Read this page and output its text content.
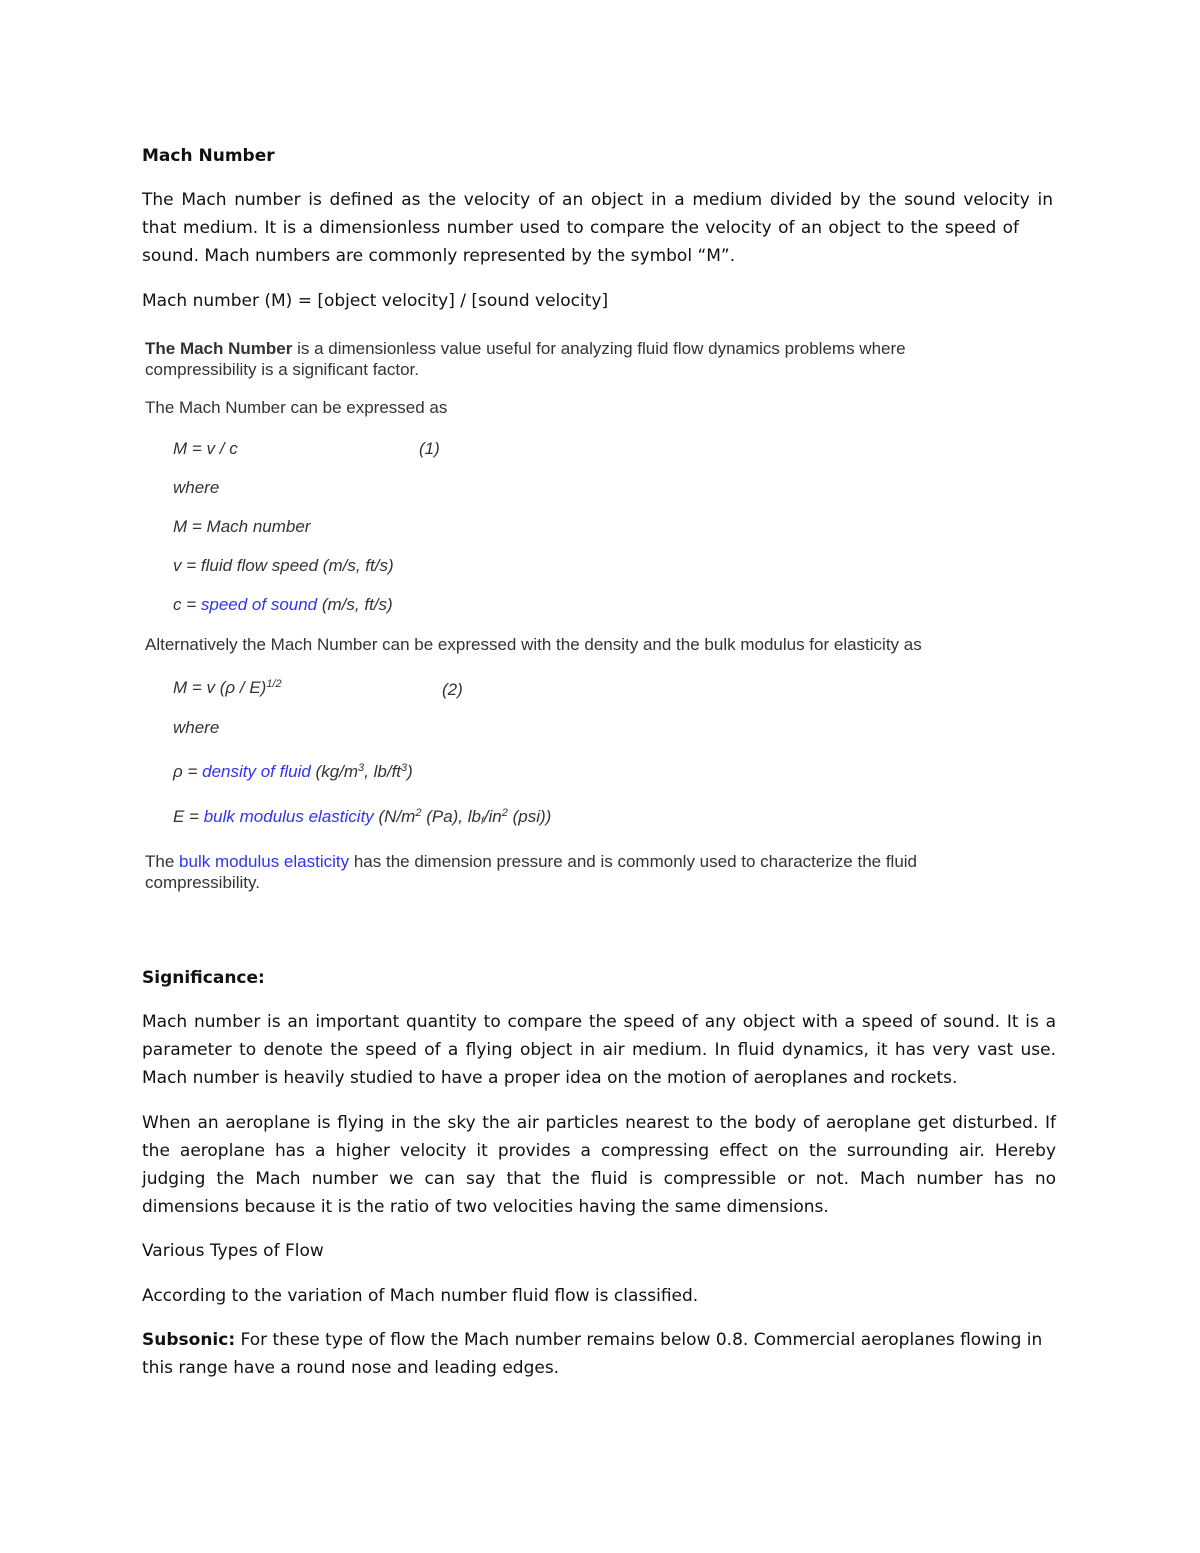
Mach Number
The Mach number is defined as the velocity of an object in a medium divided by the sound velocity in
that medium. It is a dimensionless number used to compare the velocity of an object to the speed of
sound. Mach numbers are commonly represented by the symbol “M”.
Mach number (M) = [object velocity] / [sound velocity]
The Mach Number is a dimensionless value useful for analyzing fluid flow dynamics problems where
compressibility is a significant factor.
The Mach Number can be expressed as
M = v / c	(1)
where
M = Mach number
v = fluid flow speed (m/s, ft/s)
c = speed of sound (m/s, ft/s)
Alternatively the Mach Number can be expressed with the density and the bulk modulus for elasticity as
M = v (ρ / E)$^{1/2}$	(2)
where
ρ = density of fluid ($kg/m^3$, $lb/ft^3$)
E = bulk modulus elasticity ($N/m^2$ (Pa), $lb_f/in^2$ (psi))
The bulk modulus elasticity has the dimension pressure and is commonly used to characterize the fluid
compressibility.
Significance:
Mach number is an important quantity to compare the speed of any object with a speed of sound. It is a
parameter to denote the speed of a flying object in air medium. In fluid dynamics, it has very vast use.
Mach number is heavily studied to have a proper idea on the motion of aeroplanes and rockets.
When an aeroplane is flying in the sky the air particles nearest to the body of aeroplane get disturbed. If
the aeroplane has a higher velocity it provides a compressing effect on the surrounding air. Hereby
judging the Mach number we can say that the fluid is compressible or not. Mach number has no
dimensions because it is the ratio of two velocities having the same dimensions.
Various Types of Flow
According to the variation of Mach number fluid flow is classified.
Subsonic: For these type of flow the Mach number remains below 0.8. Commercial aeroplanes flowing in
this range have a round nose and leading edges.
